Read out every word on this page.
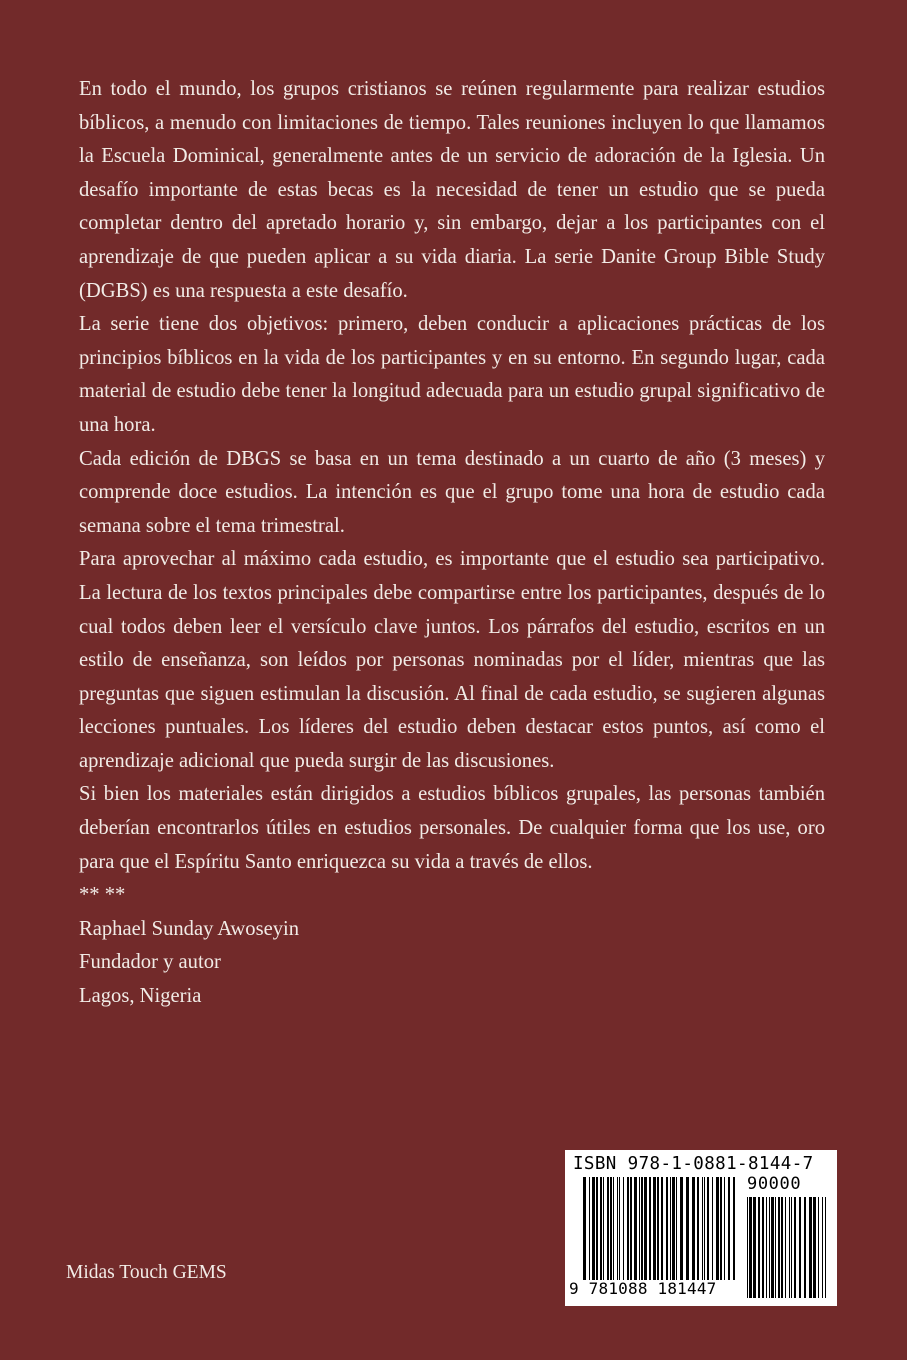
En todo el mundo, los grupos cristianos se reúnen regularmente para realizar estudios bíblicos, a menudo con limitaciones de tiempo. Tales reuniones incluyen lo que llamamos la Escuela Dominical, generalmente antes de un servicio de adoración de la Iglesia. Un desafío importante de estas becas es la necesidad de tener un estudio que se pueda completar dentro del apretado horario y, sin embargo, dejar a los participantes con el aprendizaje de que pueden aplicar a su vida diaria. La serie Danite Group Bible Study (DGBS) es una respuesta a este desafío.

La serie tiene dos objetivos: primero, deben conducir a aplicaciones prácticas de los principios bíblicos en la vida de los participantes y en su entorno. En segundo lugar, cada material de estudio debe tener la longitud adecuada para un estudio grupal significativo de una hora.

Cada edición de DBGS se basa en un tema destinado a un cuarto de año (3 meses) y comprende doce estudios. La intención es que el grupo tome una hora de estudio cada semana sobre el tema trimestral.

Para aprovechar al máximo cada estudio, es importante que el estudio sea participativo. La lectura de los textos principales debe compartirse entre los participantes, después de lo cual todos deben leer el versículo clave juntos. Los párrafos del estudio, escritos en un estilo de enseñanza, son leídos por personas nominadas por el líder, mientras que las preguntas que siguen estimulan la discusión. Al final de cada estudio, se sugieren algunas lecciones puntuales. Los líderes del estudio deben destacar estos puntos, así como el aprendizaje adicional que pueda surgir de las discusiones.

Si bien los materiales están dirigidos a estudios bíblicos grupales, las personas también deberían encontrarlos útiles en estudios personales. De cualquier forma que los use, oro para que el Espíritu Santo enriquezca su vida a través de ellos.

** **

Raphael Sunday Awoseyin

Fundador y autor

Lagos, Nigeria

Midas Touch GEMS
ISBN 978-1-0881-8144-7
90000
9 781088 181447
